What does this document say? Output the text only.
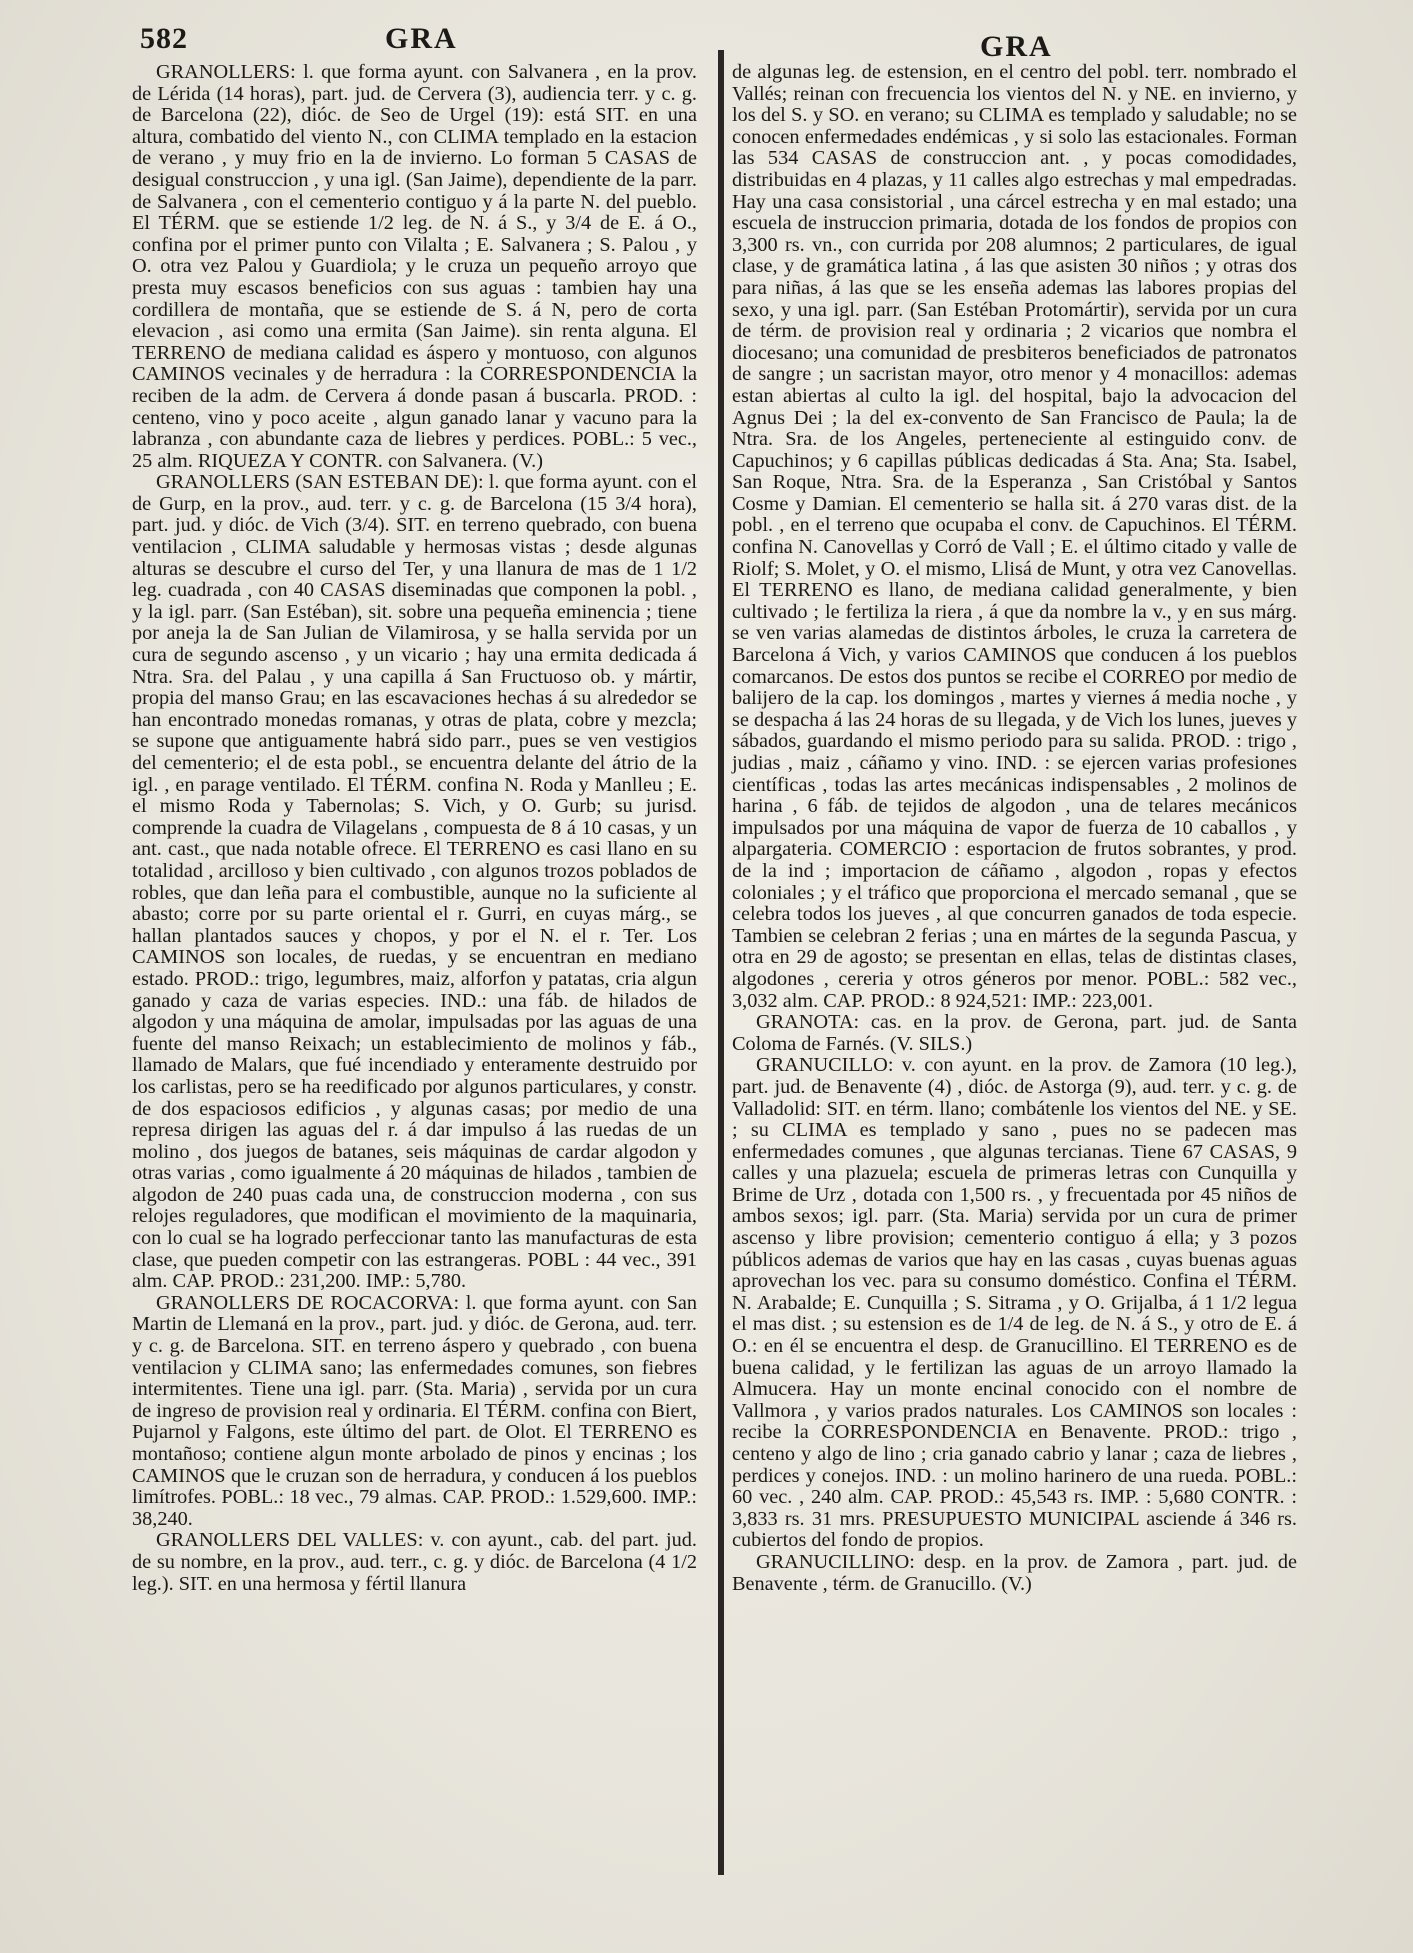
582	GRA	GRA

GRANOLLERS: l. que forma ayunt. con Salvanera , en la prov. de Lérida (14 horas), part. jud. de Cervera (3), audiencia terr. y c. g. de Barcelona (22), dióc. de Seo de Urgel (19): está SIT. en una altura, combatido del viento N., con CLIMA templado en la estacion de verano , y muy frio en la de invierno. Lo forman 5 CASAS de desigual construccion , y una igl. (San Jaime), dependiente de la parr. de Salvanera , con el cementerio contiguo y á la parte N. del pueblo. El TÉRM. que se estiende 1/2 leg. de N. á S., y 3/4 de E. á O., confina por el primer punto con Vilalta ; E. Salvanera ; S. Palou , y O. otra vez Palou y Guardiola; y le cruza un pequeño arroyo que presta muy escasos beneficios con sus aguas : tambien hay una cordillera de montaña, que se estiende de S. á N, pero de corta elevacion , asi como una ermita (San Jaime). sin renta alguna. El TERRENO de mediana calidad es áspero y montuoso, con algunos CAMINOS vecinales y de herradura : la CORRESPONDENCIA la reciben de la adm. de Cervera á donde pasan á buscarla. PROD. : centeno, vino y poco aceite , algun ganado lanar y vacuno para la labranza , con abundante caza de liebres y perdices. POBL.: 5 vec., 25 alm. RIQUEZA Y CONTR. con Salvanera. (V.)

GRANOLLERS (SAN ESTEBAN DE): l. que forma ayunt. con el de Gurp, en la prov., aud. terr. y c. g. de Barcelona (15 3/4 hora), part. jud. y dióc. de Vich (3/4). SIT. en terreno quebrado, con buena ventilacion , CLIMA saludable y hermosas vistas ; desde algunas alturas se descubre el curso del Ter, y una llanura de mas de 1 1/2 leg. cuadrada , con 40 CASAS diseminadas que componen la pobl. , y la igl. parr. (San Estéban), sit. sobre una pequeña eminencia ; tiene por aneja la de San Julian de Vilamirosa, y se halla servida por un cura de segundo ascenso , y un vicario ; hay una ermita dedicada á Ntra. Sra. del Palau , y una capilla á San Fructuoso ob. y mártir, propia del manso Grau; en las escavaciones hechas á su alrededor se han encontrado monedas romanas, y otras de plata, cobre y mezcla; se supone que antiguamente habrá sido parr., pues se ven vestigios del cementerio; el de esta pobl., se encuentra delante del átrio de la igl. , en parage ventilado. El TÉRM. confina N. Roda y Manlleu ; E. el mismo Roda y Tabernolas; S. Vich, y O. Gurb; su jurisd. comprende la cuadra de Vilagelans , compuesta de 8 á 10 casas, y un ant. cast., que nada notable ofrece. El TERRENO es casi llano en su totalidad , arcilloso y bien cultivado , con algunos trozos poblados de robles, que dan leña para el combustible, aunque no la suficiente al abasto; corre por su parte oriental el r. Gurri, en cuyas márg., se hallan plantados sauces y chopos, y por el N. el r. Ter. Los CAMINOS son locales, de ruedas, y se encuentran en mediano estado. PROD.: trigo, legumbres, maiz, alforfon y patatas, cria algun ganado y caza de varias especies. IND.: una fáb. de hilados de algodon y una máquina de amolar, impulsadas por las aguas de una fuente del manso Reixach; un establecimiento de molinos y fáb., llamado de Malars, que fué incendiado y enteramente destruido por los carlistas, pero se ha reedificado por algunos particulares, y constr. de dos espaciosos edificios , y algunas casas; por medio de una represa dirigen las aguas del r. á dar impulso á las ruedas de un molino , dos juegos de batanes, seis máquinas de cardar algodon y otras varias , como igualmente á 20 máquinas de hilados , tambien de algodon de 240 puas cada una, de construccion moderna , con sus relojes reguladores, que modifican el movimiento de la maquinaria, con lo cual se ha logrado perfeccionar tanto las manufacturas de esta clase, que pueden competir con las estrangeras. POBL : 44 vec., 391 alm. CAP. PROD.: 231,200. IMP.: 5,780.

GRANOLLERS DE ROCACORVA: l. que forma ayunt. con San Martin de Llemaná en la prov., part. jud. y dióc. de Gerona, aud. terr. y c. g. de Barcelona. SIT. en terreno áspero y quebrado , con buena ventilacion y CLIMA sano; las enfermedades comunes, son fiebres intermitentes. Tiene una igl. parr. (Sta. Maria) , servida por un cura de ingreso de provision real y ordinaria. El TÉRM. confina con Biert, Pujarnol y Falgons, este último del part. de Olot. El TERRENO es montañoso; contiene algun monte arbolado de pinos y encinas ; los CAMINOS que le cruzan son de herradura, y conducen á los pueblos limítrofes. POBL.: 18 vec., 79 almas. CAP. PROD.: 1.529,600. IMP.: 38,240.

GRANOLLERS DEL VALLES: v. con ayunt., cab. del part. jud. de su nombre, en la prov., aud. terr., c. g. y dióc. de Barcelona (4 1/2 leg.). SIT. en una hermosa y fértil llanura

de algunas leg. de estension, en el centro del pobl. terr. nombrado el Vallés; reinan con frecuencia los vientos del N. y NE. en invierno, y los del S. y SO. en verano; su CLIMA es templado y saludable; no se conocen enfermedades endémicas , y si solo las estacionales. Forman las 534 CASAS de construccion ant. , y pocas comodidades, distribuidas en 4 plazas, y 11 calles algo estrechas y mal empedradas. Hay una casa consistorial , una cárcel estrecha y en mal estado; una escuela de instruccion primaria, dotada de los fondos de propios con 3,300 rs. vn., con currida por 208 alumnos; 2 particulares, de igual clase, y de gramática latina , á las que asisten 30 niños ; y otras dos para niñas, á las que se les enseña ademas las labores propias del sexo, y una igl. parr. (San Estéban Protomártir), servida por un cura de térm. de provision real y ordinaria ; 2 vicarios que nombra el diocesano; una comunidad de presbiteros beneficiados de patronatos de sangre ; un sacristan mayor, otro menor y 4 monacillos: ademas estan abiertas al culto la igl. del hospital, bajo la advocacion del Agnus Dei ; la del ex-convento de San Francisco de Paula; la de Ntra. Sra. de los Angeles, perteneciente al estinguido conv. de Capuchinos; y 6 capillas públicas dedicadas á Sta. Ana; Sta. Isabel, San Roque, Ntra. Sra. de la Esperanza , San Cristóbal y Santos Cosme y Damian. El cementerio se halla sit. á 270 varas dist. de la pobl. , en el terreno que ocupaba el conv. de Capuchinos. El TÉRM. confina N. Canovellas y Corró de Vall ; E. el último citado y valle de Riolf; S. Molet, y O. el mismo, Llisá de Munt, y otra vez Canovellas. El TERRENO es llano, de mediana calidad generalmente, y bien cultivado ; le fertiliza la riera , á que da nombre la v., y en sus márg. se ven varias alamedas de distintos árboles, le cruza la carretera de Barcelona á Vich, y varios CAMINOS que conducen á los pueblos comarcanos. De estos dos puntos se recibe el CORREO por medio de balijero de la cap. los domingos , martes y viernes á media noche , y se despacha á las 24 horas de su llegada, y de Vich los lunes, jueves y sábados, guardando el mismo periodo para su salida. PROD. : trigo , judias , maiz , cáñamo y vino. IND. : se ejercen varias profesiones científicas , todas las artes mecánicas indispensables , 2 molinos de harina , 6 fáb. de tejidos de algodon , una de telares mecánicos impulsados por una máquina de vapor de fuerza de 10 caballos , y alpargateria. COMERCIO : esportacion de frutos sobrantes, y prod. de la ind ; importacion de cáñamo , algodon , ropas y efectos coloniales ; y el tráfico que proporciona el mercado semanal , que se celebra todos los jueves , al que concurren ganados de toda especie. Tambien se celebran 2 ferias ; una en mártes de la segunda Pascua, y otra en 29 de agosto; se presentan en ellas, telas de distintas clases, algodones , cereria y otros géneros por menor. POBL.: 582 vec., 3,032 alm. CAP. PROD.: 8 924,521: IMP.: 223,001.

GRANOTA: cas. en la prov. de Gerona, part. jud. de Santa Coloma de Farnés. (V. SILS.)

GRANUCILLO: v. con ayunt. en la prov. de Zamora (10 leg.), part. jud. de Benavente (4) , dióc. de Astorga (9), aud. terr. y c. g. de Valladolid: SIT. en térm. llano; combátenle los vientos del NE. y SE. ; su CLIMA es templado y sano , pues no se padecen mas enfermedades comunes , que algunas tercianas. Tiene 67 CASAS, 9 calles y una plazuela; escuela de primeras letras con Cunquilla y Brime de Urz , dotada con 1,500 rs. , y frecuentada por 45 niños de ambos sexos; igl. parr. (Sta. Maria) servida por un cura de primer ascenso y libre provision; cementerio contiguo á ella; y 3 pozos públicos ademas de varios que hay en las casas , cuyas buenas aguas aprovechan los vec. para su consumo doméstico. Confina el TÉRM. N. Arabalde; E. Cunquilla ; S. Sitrama , y O. Grijalba, á 1 1/2 legua el mas dist. ; su estension es de 1/4 de leg. de N. á S., y otro de E. á O.: en él se encuentra el desp. de Granucillino. El TERRENO es de buena calidad, y le fertilizan las aguas de un arroyo llamado la Almucera. Hay un monte encinal conocido con el nombre de Vallmora , y varios prados naturales. Los CAMINOS son locales : recibe la CORRESPONDENCIA en Benavente. PROD.: trigo , centeno y algo de lino ; cria ganado cabrio y lanar ; caza de liebres , perdices y conejos. IND. : un molino harinero de una rueda. POBL.: 60 vec. , 240 alm. CAP. PROD.: 45,543 rs. IMP. : 5,680 CONTR. : 3,833 rs. 31 mrs. PRESUPUESTO MUNICIPAL asciende á 346 rs. cubiertos del fondo de propios.

GRANUCILLINO: desp. en la prov. de Zamora , part. jud. de Benavente , térm. de Granucillo. (V.)
